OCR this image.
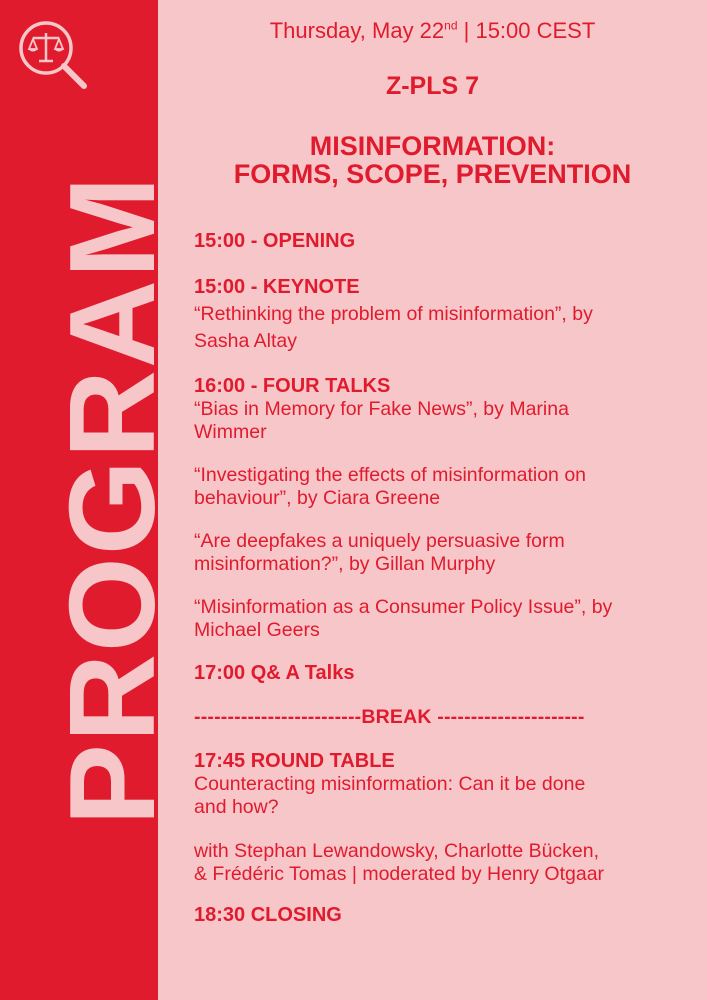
PROGRAM
Thursday, May 22nd | 15:00 CEST
Z-PLS 7
MISINFORMATION:
FORMS, SCOPE, PREVENTION
15:00 - OPENING
15:00 - KEYNOTE
“Rethinking the problem of misinformation”, by
Sasha Altay
16:00 - FOUR TALKS
“Bias in Memory for Fake News”, by Marina
Wimmer
“Investigating the effects of misinformation on
behaviour”, by Ciara Greene
“Are deepfakes a uniquely persuasive form
misinformation?”, by Gillan Murphy
“Misinformation as a Consumer Policy Issue”, by
Michael Geers
17:00 Q& A Talks
-------------------------BREAK ----------------------
17:45 ROUND TABLE
Counteracting misinformation: Can it be done
and how?
with Stephan Lewandowsky, Charlotte Bücken,
& Frédéric Tomas | moderated by Henry Otgaar
18:30 CLOSING
